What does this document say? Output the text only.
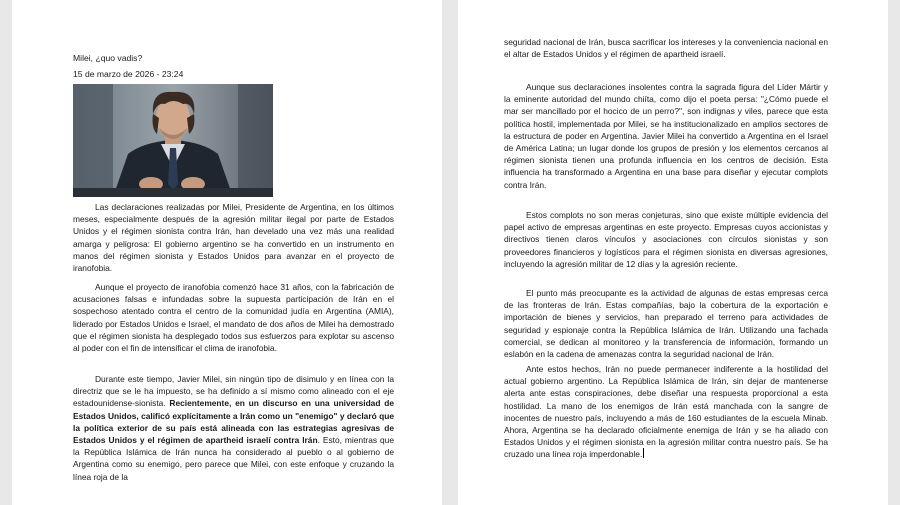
Milei, ¿quo vadis?
15 de marzo de 2026 - 23:24

Las declaraciones realizadas por Milei, Presidente de Argentina, en los últimos meses, especialmente después de la agresión militar ilegal por parte de Estados Unidos y el régimen sionista contra Irán, han develado una vez más una realidad amarga y peligrosa: El gobierno argentino se ha convertido en un instrumento en manos del régimen sionista y Estados Unidos para avanzar en el proyecto de iranofobia.

Aunque el proyecto de iranofobia comenzó hace 31 años, con la fabricación de acusaciones falsas e infundadas sobre la supuesta participación de Irán en el sospechoso atentado contra el centro de la comunidad judía en Argentina (AMIA), liderado por Estados Unidos e Israel, el mandato de dos años de Milei ha demostrado que el régimen sionista ha desplegado todos sus esfuerzos para explotar su ascenso al poder con el fin de intensificar el clima de iranofobia.

Durante este tiempo, Javier Milei, sin ningún tipo de disimulo y en línea con la directriz que se le ha impuesto, se ha definido a sí mismo como alineado con el eje estadounidense-sionista. Recientemente, en un discurso en una universidad de Estados Unidos, calificó explícitamente a Irán como un "enemigo" y declaró que la política exterior de su país está alineada con las estrategias agresivas de Estados Unidos y el régimen de apartheid israelí contra Irán. Esto, mientras que la República Islámica de Irán nunca ha considerado al pueblo o al gobierno de Argentina como su enemigo, pero parece que Milei, con este enfoque y cruzando la línea roja de la

seguridad nacional de Irán, busca sacrificar los intereses y la conveniencia nacional en el altar de Estados Unidos y el régimen de apartheid israelí.

Aunque sus declaraciones insolentes contra la sagrada figura del Líder Mártir y la eminente autoridad del mundo chiíta, como dijo el poeta persa: "¿Cómo puede el mar ser mancillado por el hocico de un perro?", son indignas y viles, parece que esta política hostil, implementada por Milei, se ha institucionalizado en amplios sectores de la estructura de poder en Argentina. Javier Milei ha convertido a Argentina en el Israel de América Latina; un lugar donde los grupos de presión y los elementos cercanos al régimen sionista tienen una profunda influencia en los centros de decisión. Esta influencia ha transformado a Argentina en una base para diseñar y ejecutar complots contra Irán.

Estos complots no son meras conjeturas, sino que existe múltiple evidencia del papel activo de empresas argentinas en este proyecto. Empresas cuyos accionistas y directivos tienen claros vínculos y asociaciones con círculos sionistas y son proveedores financieros y logísticos para el régimen sionista en diversas agresiones, incluyendo la agresión militar de 12 días y la agresión reciente.

El punto más preocupante es la actividad de algunas de estas empresas cerca de las fronteras de Irán. Estas compañías, bajo la cobertura de la exportación e importación de bienes y servicios, han preparado el terreno para actividades de seguridad y espionaje contra la República Islámica de Irán. Utilizando una fachada comercial, se dedican al monitoreo y la transferencia de información, formando un eslabón en la cadena de amenazas contra la seguridad nacional de Irán.

Ante estos hechos, Irán no puede permanecer indiferente a la hostilidad del actual gobierno argentino. La República Islámica de Irán, sin dejar de mantenerse alerta ante estas conspiraciones, debe diseñar una respuesta proporcional a esta hostilidad. La mano de los enemigos de Irán está manchada con la sangre de inocentes de nuestro país, incluyendo a más de 160 estudiantes de la escuela Minab. Ahora, Argentina se ha declarado oficialmente enemiga de Irán y se ha aliado con Estados Unidos y el régimen sionista en la agresión militar contra nuestro país. Se ha cruzado una línea roja imperdonable.
